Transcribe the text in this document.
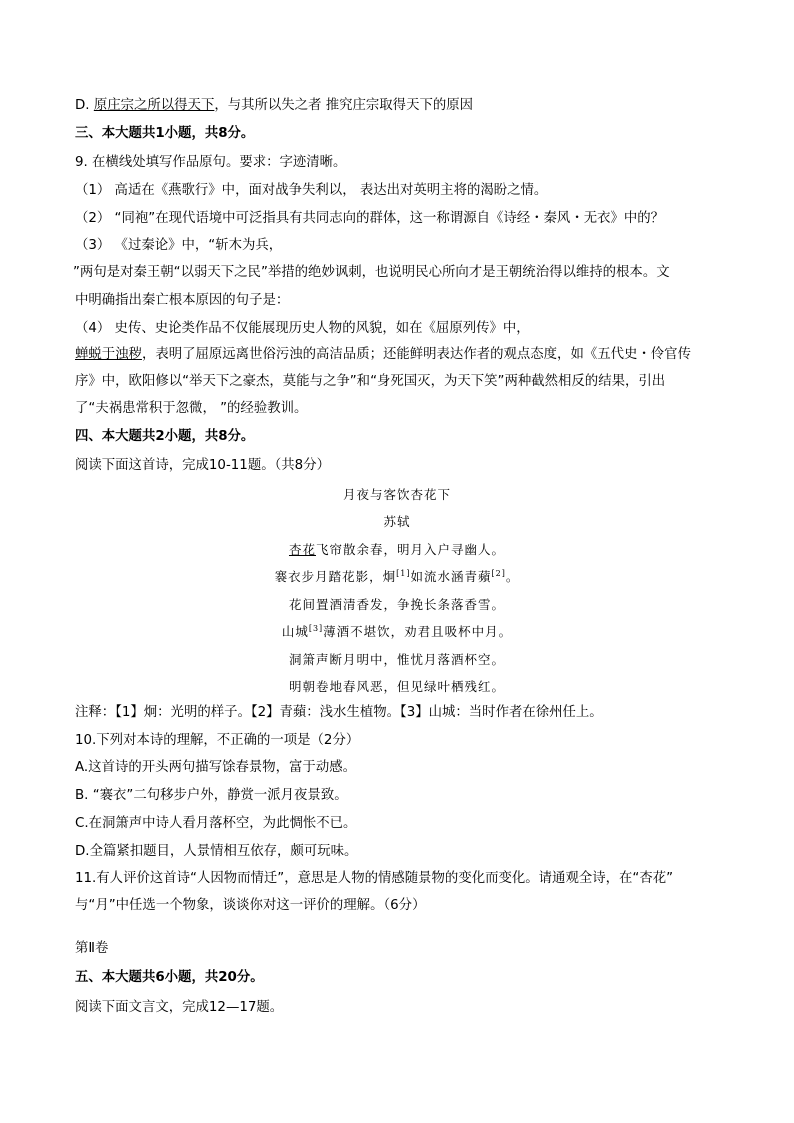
D. 原庄宗之所以得天下，与其所以失之者 推究庄宗取得天下的原因
三、本大题共1小题，共8分。
9. 在横线处填写作品原句。要求：字迹清晰。
（1） 高适在《燕歌行》中，面对战争失利以， 表达出对英明主将的渴盼之情。
（2） “同袍”在现代语境中可泛指具有共同志向的群体，这一称谓源自《诗经・秦风・无衣》中的？
（3） 《过秦论》中，“斩木为兵，
”两句是对秦王朝“以弱天下之民”举措的绝妙讽刺，也说明民心所向才是王朝统治得以维持的根本。文
中明确指出秦亡根本原因的句子是：
（4） 史传、史论类作品不仅能展现历史人物的风貌，如在《屈原列传》中，
蝉蜕于浊秽，表明了屈原远离世俗污浊的高洁品质；还能鲜明表达作者的观点态度，如《五代史・伶官传
序》中，欧阳修以“举天下之豪杰，莫能与之争”和“身死国灭，为天下笑”两种截然相反的结果，引出
了“夫祸患常积于忽微， ”的经验教训。
四、本大题共2小题，共8分。
阅读下面这首诗，完成10-11题。（共8分）
月夜与客饮杏花下
苏轼
杏花飞帘散余春，明月入户寻幽人。
褰衣步月踏花影，炯[1]如流水涵青蘋[2]。
花间置酒清香发，争挽长条落香雪。
山城[3]薄酒不堪饮，劝君且吸杯中月。
洞箫声断月明中，惟忧月落酒杯空。
明朝卷地春风恶，但见绿叶栖残红。
注释：【1】炯：光明的样子。【2】青蘋：浅水生植物。【3】山城：当时作者在徐州任上。
10.下列对本诗的理解，不正确的一项是（2分）
A.这首诗的开头两句描写馀春景物，富于动感。
B. “褰衣”二句移步户外，静赏一派月夜景致。
C.在洞箫声中诗人看月落杯空，为此惆怅不已。
D.全篇紧扣题目，人景情相互依存，颇可玩味。
11.有人评价这首诗“人因物而情迁”，意思是人物的情感随景物的变化而变化。请通观全诗，在“杏花”
与“月”中任选一个物象，谈谈你对这一评价的理解。（6分）
第Ⅱ卷
五、本大题共6小题，共20分。
阅读下面文言文，完成12—17题。
